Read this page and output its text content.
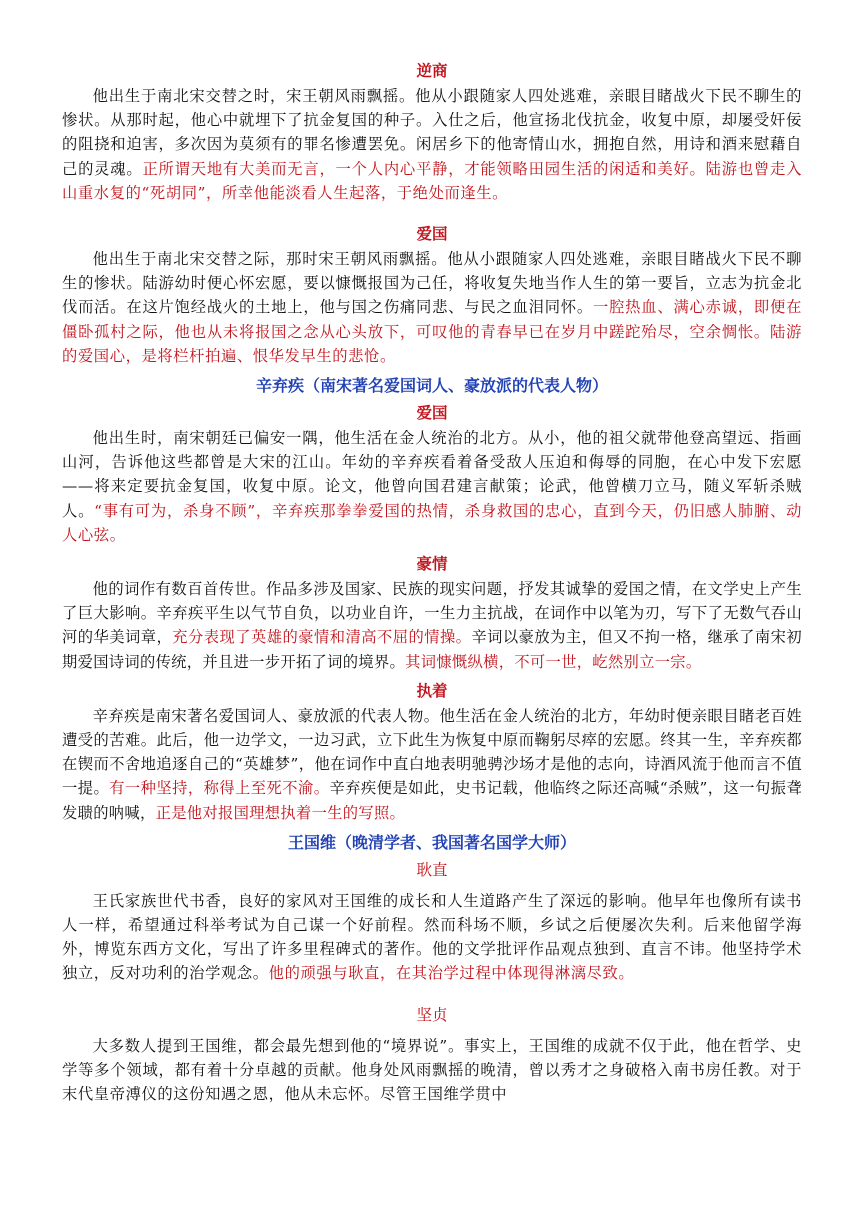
逆商

他出生于南北宋交替之时，宋王朝风雨飘摇。他从小跟随家人四处逃难，亲眼目睹战火下民不聊生的惨状。从那时起，他心中就埋下了抗金复国的种子。入仕之后，他宣扬北伐抗金，收复中原，却屡受奸佞的阻挠和迫害，多次因为莫须有的罪名惨遭罢免。闲居乡下的他寄情山水，拥抱自然，用诗和酒来慰藉自己的灵魂。正所谓天地有大美而无言，一个人内心平静，才能领略田园生活的闲适和美好。陆游也曾走入山重水复的“死胡同”，所幸他能淡看人生起落，于绝处而逢生。

爱国

他出生于南北宋交替之际，那时宋王朝风雨飘摇。他从小跟随家人四处逃难，亲眼目睹战火下民不聊生的惨状。陆游幼时便心怀宏愿，要以慷慨报国为己任，将收复失地当作人生的第一要旨，立志为抗金北伐而活。在这片饱经战火的土地上，他与国之伤痛同悲、与民之血泪同怀。一腔热血、满心赤诚，即便在僵卧孤村之际，他也从未将报国之念从心头放下，可叹他的青春早已在岁月中蹉跎殆尽，空余惆怅。陆游的爱国心，是将栏杆拍遍、恨华发早生的悲怆。

辛弃疾（南宋著名爱国词人、豪放派的代表人物）
爱国

他出生时，南宋朝廷已偏安一隅，他生活在金人统治的北方。从小，他的祖父就带他登高望远、指画山河，告诉他这些都曾是大宋的江山。年幼的辛弃疾看着备受敌人压迫和侮辱的同胞，在心中发下宏愿——将来定要抗金复国，收复中原。论文，他曾向国君建言献策；论武，他曾横刀立马，随义军斩杀贼人。“事有可为，杀身不顾”，辛弃疾那拳拳爱国的热情，杀身救国的忠心，直到今天，仍旧感人肺腑、动人心弦。

豪情

他的词作有数百首传世。作品多涉及国家、民族的现实问题，抒发其诚挚的爱国之情，在文学史上产生了巨大影响。辛弃疾平生以气节自负，以功业自许，一生力主抗战，在词作中以笔为刃，写下了无数气吞山河的华美词章，充分表现了英雄的豪情和清高不屈的情操。辛词以豪放为主，但又不拘一格，继承了南宋初期爱国诗词的传统，并且进一步开拓了词的境界。其词慷慨纵横，不可一世，屹然别立一宗。

执着

辛弃疾是南宋著名爱国词人、豪放派的代表人物。他生活在金人统治的北方，年幼时便亲眼目睹老百姓遭受的苦难。此后，他一边学文，一边习武，立下此生为恢复中原而鞠躬尽瘁的宏愿。终其一生，辛弃疾都在锲而不舍地追逐自己的“英雄梦”，他在词作中直白地表明驰骋沙场才是他的志向，诗酒风流于他而言不值一提。有一种坚持，称得上至死不渝。辛弃疾便是如此，史书记载，他临终之际还高喊“杀贼”，这一句振聋发聩的呐喊，正是他对报国理想执着一生的写照。

王国维（晚清学者、我国著名国学大师）
耿直

王氏家族世代书香，良好的家风对王国维的成长和人生道路产生了深远的影响。他早年也像所有读书人一样，希望通过科举考试为自己谋一个好前程。然而科场不顺，乡试之后便屡次失利。后来他留学海外，博览东西方文化，写出了许多里程碑式的著作。他的文学批评作品观点独到、直言不讳。他坚持学术独立，反对功利的治学观念。他的顽强与耿直，在其治学过程中体现得淋漓尽致。

坚贞

大多数人提到王国维，都会最先想到他的“境界说”。事实上，王国维的成就不仅于此，他在哲学、史学等多个领域，都有着十分卓越的贡献。他身处风雨飘摇的晚清，曾以秀才之身破格入南书房任教。对于末代皇帝溥仪的这份知遇之恩，他从未忘怀。尽管王国维学贯中
